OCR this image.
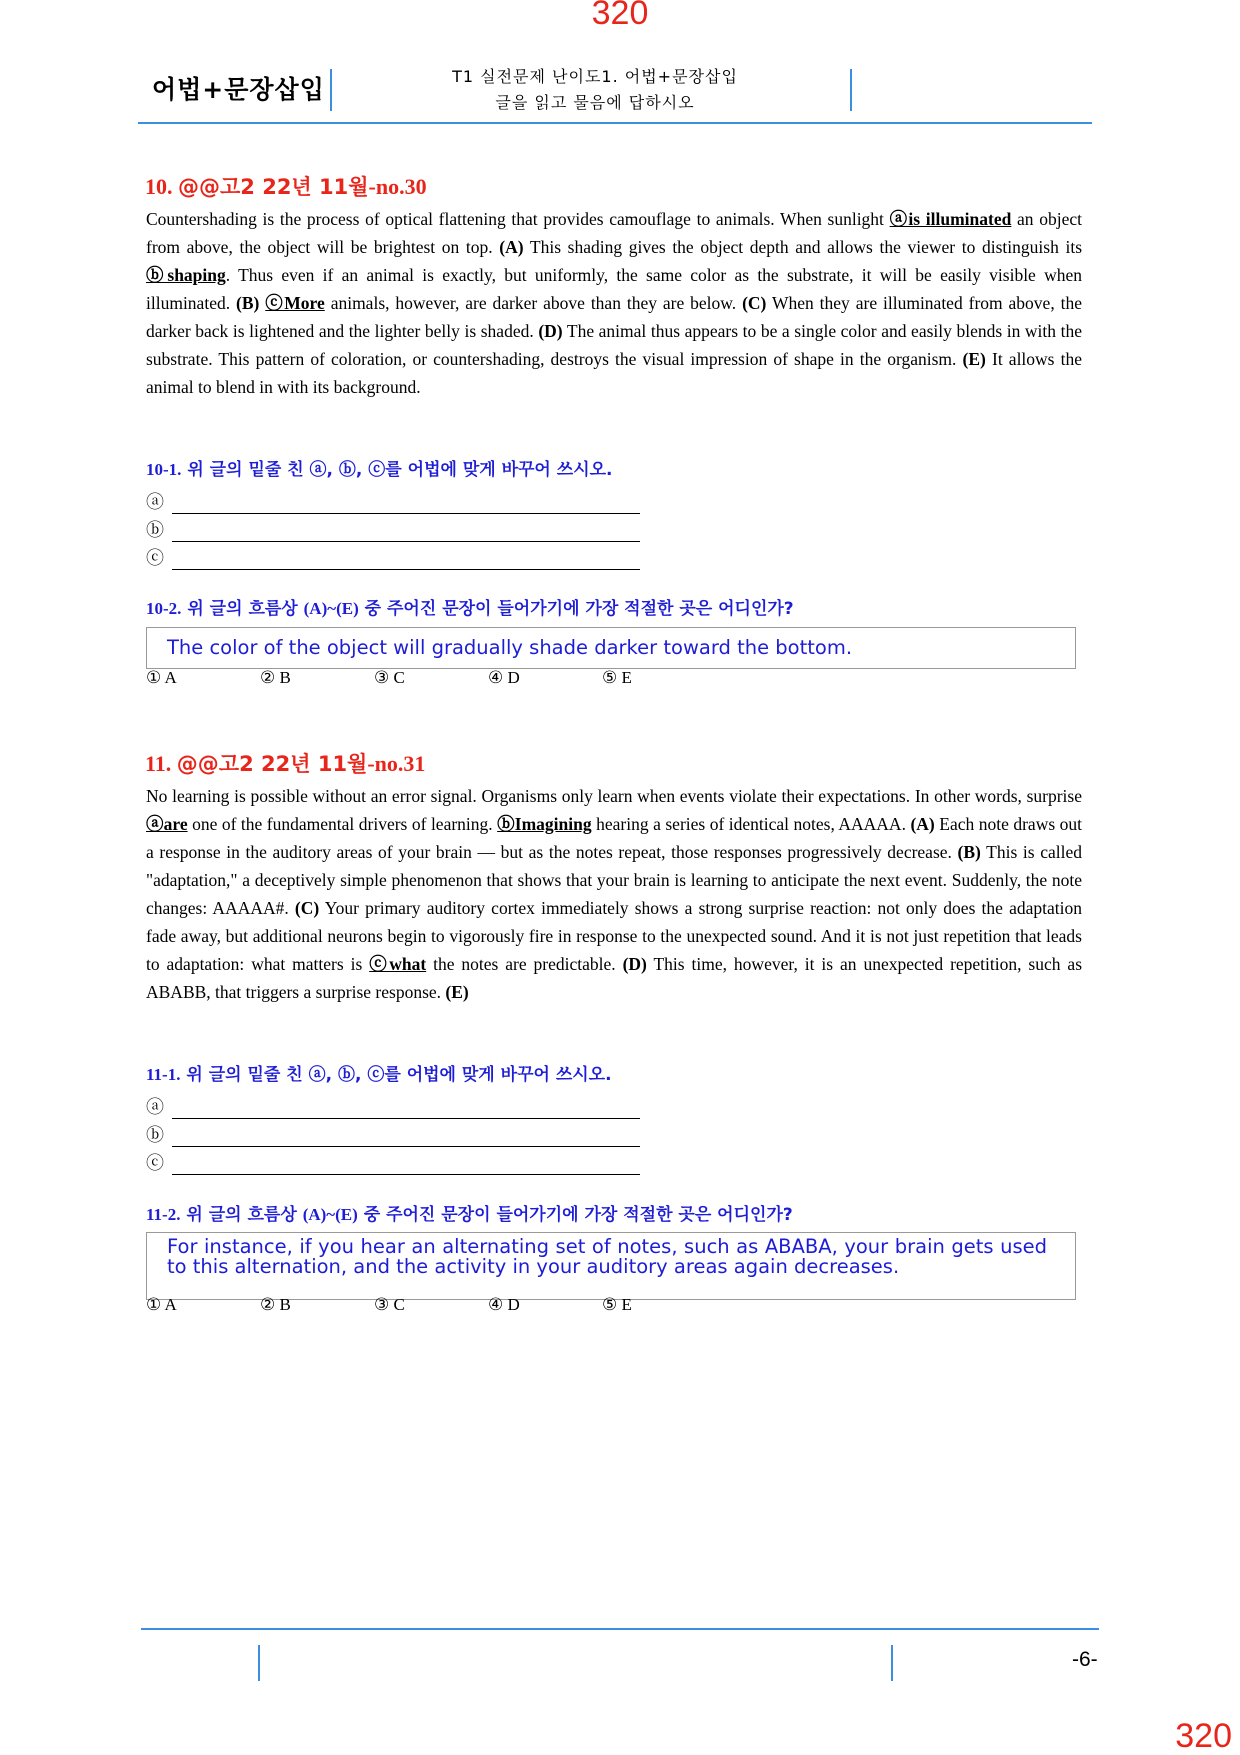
320
어법+문장삽입	T1 실전문제 난이도1. 어법+문장삽입
글을 읽고 물음에 답하시오
10. @@고2 22년 11월-no.30
Countershading is the process of optical flattening that provides camouflage to animals. When sunlight ⓐis illuminated an object from above, the object will be brightest on top. (A) This shading gives the object depth and allows the viewer to distinguish its ⓑshaping. Thus even if an animal is exactly, but uniformly, the same color as the substrate, it will be easily visible when illuminated. (B) ⓒMore animals, however, are darker above than they are below. (C) When they are illuminated from above, the darker back is lightened and the lighter belly is shaded. (D) The animal thus appears to be a single color and easily blends in with the substrate. This pattern of coloration, or countershading, destroys the visual impression of shape in the organism. (E) It allows the animal to blend in with its background.
10-1. 위 글의 밑줄 친 ⓐ, ⓑ, ⓒ를 어법에 맞게 바꾸어 쓰시오.
ⓐ
ⓑ
ⓒ
10-2. 위 글의 흐름상 (A)~(E) 중 주어진 문장이 들어가기에 가장 적절한 곳은 어디인가?
The color of the object will gradually shade darker toward the bottom.
① A	② B	③ C	④ D	⑤ E
11. @@고2 22년 11월-no.31
No learning is possible without an error signal. Organisms only learn when events violate their expectations. In other words, surprise ⓐare one of the fundamental drivers of learning. ⓑImagining hearing a series of identical notes, AAAAA. (A) Each note draws out a response in the auditory areas of your brain — but as the notes repeat, those responses progressively decrease. (B) This is called "adaptation," a deceptively simple phenomenon that shows that your brain is learning to anticipate the next event. Suddenly, the note changes: AAAAA#. (C) Your primary auditory cortex immediately shows a strong surprise reaction: not only does the adaptation fade away, but additional neurons begin to vigorously fire in response to the unexpected sound. And it is not just repetition that leads to adaptation: what matters is ⓒwhat the notes are predictable. (D) This time, however, it is an unexpected repetition, such as ABABB, that triggers a surprise response. (E)
11-1. 위 글의 밑줄 친 ⓐ, ⓑ, ⓒ를 어법에 맞게 바꾸어 쓰시오.
ⓐ
ⓑ
ⓒ
11-2. 위 글의 흐름상 (A)~(E) 중 주어진 문장이 들어가기에 가장 적절한 곳은 어디인가?
For instance, if you hear an alternating set of notes, such as ABABA, your brain gets used to this alternation, and the activity in your auditory areas again decreases.
① A	② B	③ C	④ D	⑤ E
-6-
320
